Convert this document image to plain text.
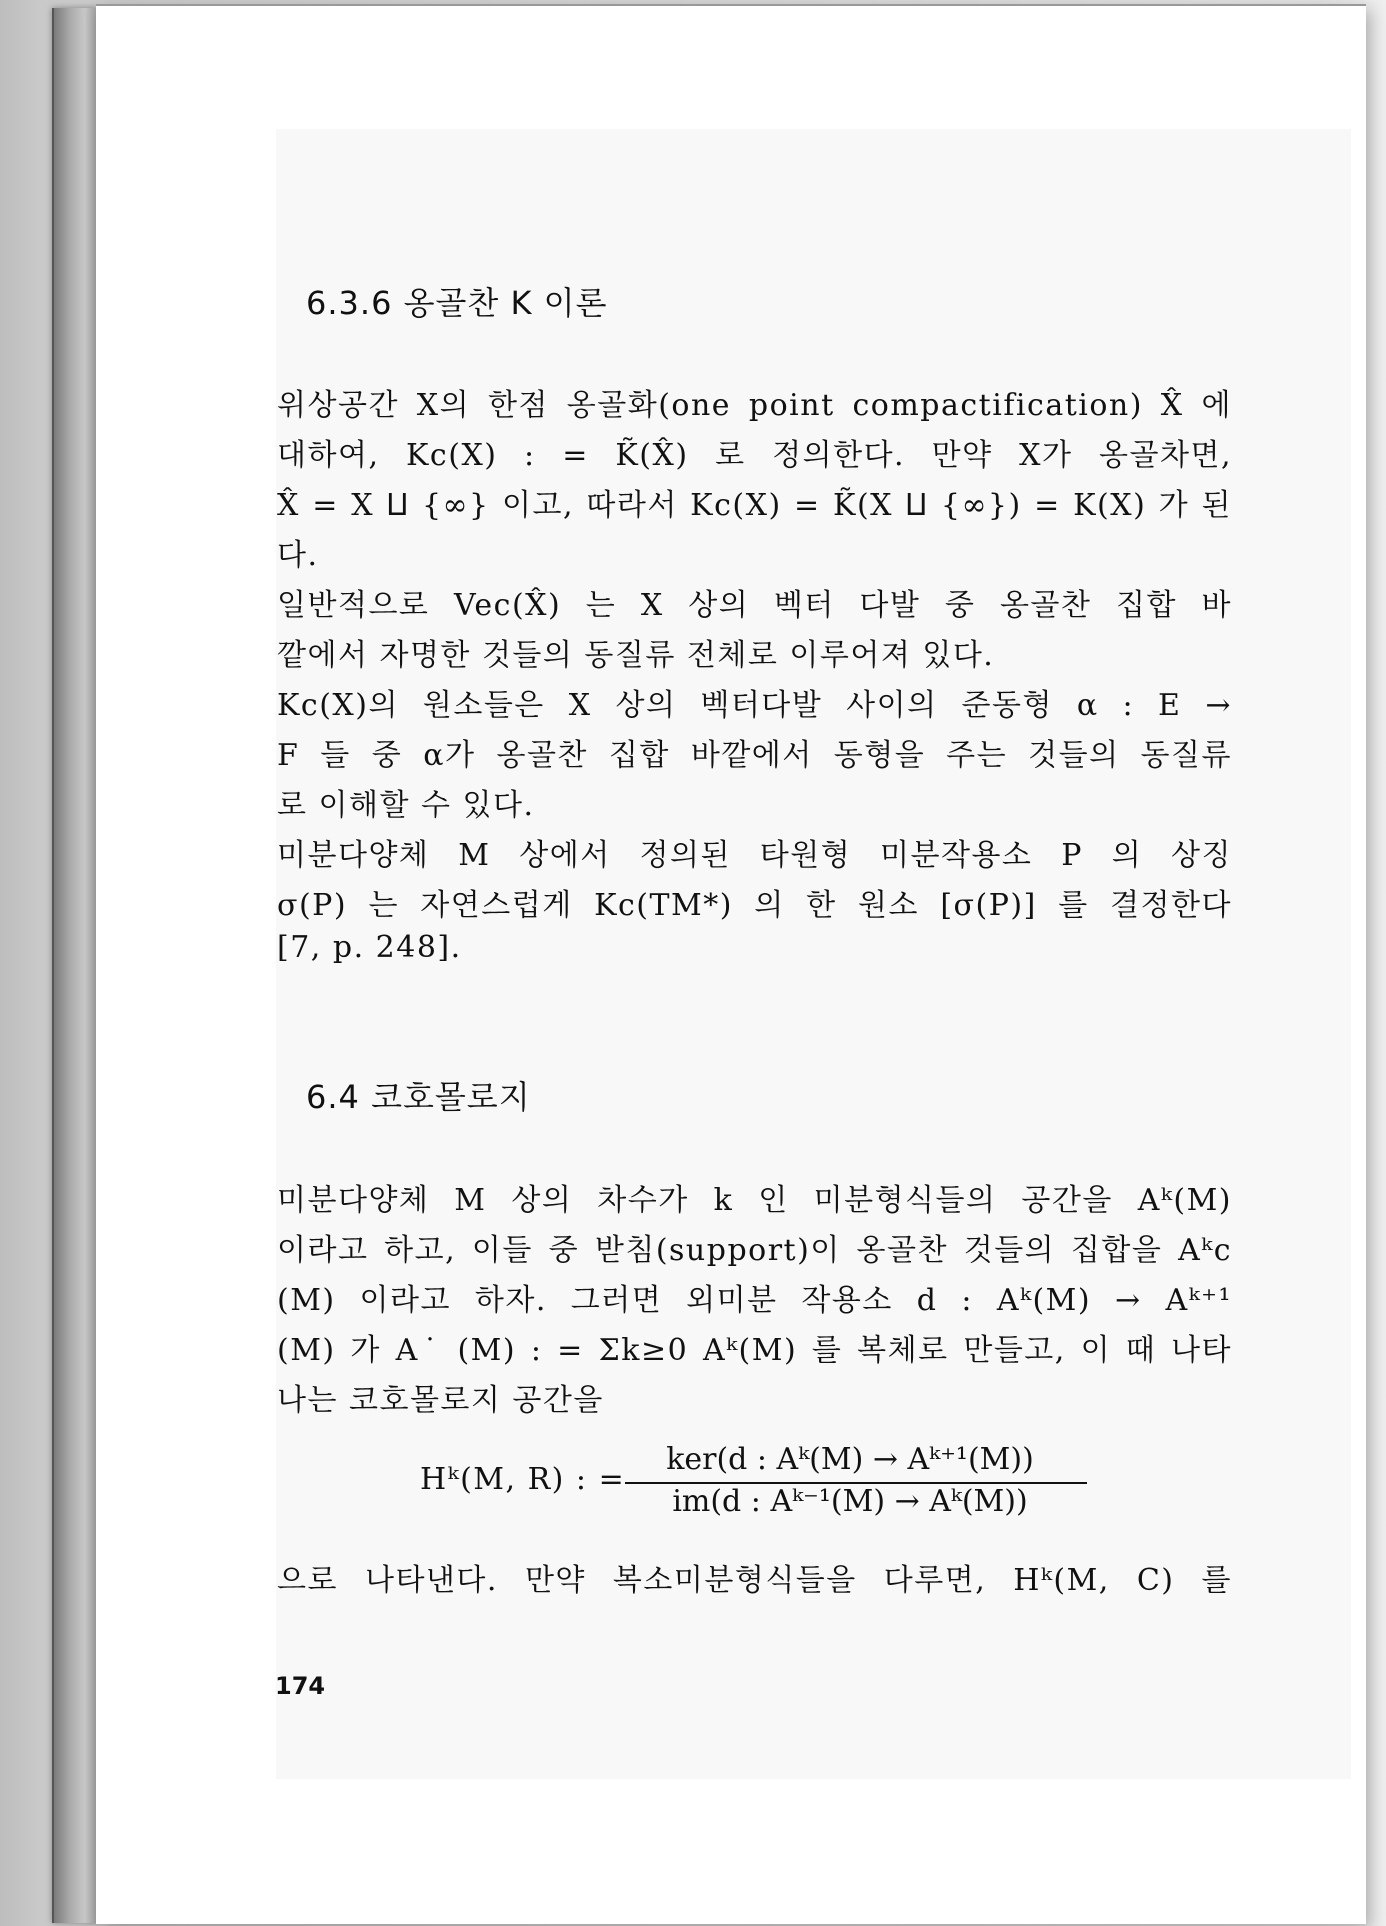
6.3.6 옹골찬 K 이론
위상공간 X의 한점 옹골화(one point compactification) X̂ 에
대하여, Kc(X) : = K̃(X̂) 로 정의한다. 만약 X가 옹골차면,
X̂ = X ⨿ {∞} 이고, 따라서 Kc(X) = K̃(X ⨿ {∞}) = K(X) 가 된
다.
일반적으로 Vec(X̂) 는 X 상의 벡터 다발 중 옹골찬 집합 바
깥에서 자명한 것들의 동질류 전체로 이루어져 있다.
Kc(X)의 원소들은 X 상의 벡터다발 사이의 준동형 α : E →
F 들 중 α가 옹골찬 집합 바깥에서 동형을 주는 것들의 동질류
로 이해할 수 있다.
미분다양체 M 상에서 정의된 타원형 미분작용소 P 의 상징
σ(P) 는 자연스럽게 Kc(TM*) 의 한 원소 [σ(P)] 를 결정한다
[7, p. 248].
6.4 코호몰로지
미분다양체 M 상의 차수가 k 인 미분형식들의 공간을 Aᵏ(M)
이라고 하고, 이들 중 받침(support)이 옹골찬 것들의 집합을 Aᵏc
(M) 이라고 하자. 그러면 외미분 작용소 d : Aᵏ(M) → Aᵏ⁺¹
(M) 가 A˙ (M) : = Σk≥0 Aᵏ(M) 를 복체로 만들고, 이 때 나타
나는 코호몰로지 공간을
Hᵏ(M, R) : =
ker(d : Aᵏ(M) → Aᵏ⁺¹(M))
im(d : Aᵏ⁻¹(M) → Aᵏ(M))
으로 나타낸다. 만약 복소미분형식들을 다루면, Hᵏ(M, C) 를
174
